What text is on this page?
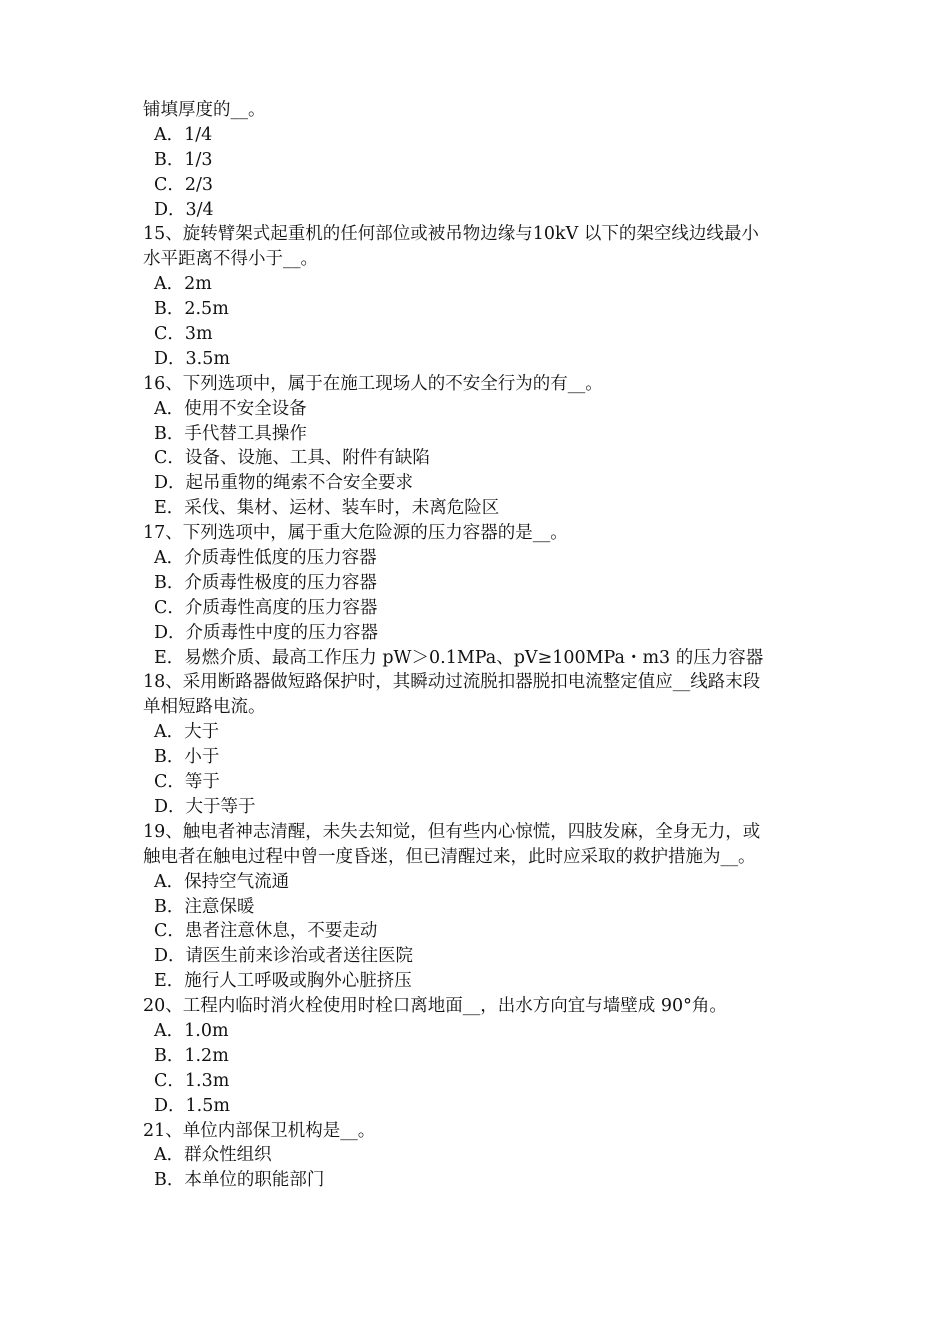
铺填厚度的__。
A．1/4
B．1/3
C．2/3
D．3/4
15、旋转臂架式起重机的任何部位或被吊物边缘与10kV 以下的架空线边线最小
水平距离不得小于__。
A．2m
B．2.5m
C．3m
D．3.5m
16、下列选项中，属于在施工现场人的不安全行为的有__。
A．使用不安全设备
B．手代替工具操作
C．设备、设施、工具、附件有缺陷
D．起吊重物的绳索不合安全要求
E．采伐、集材、运材、装车时，未离危险区
17、下列选项中，属于重大危险源的压力容器的是__。
A．介质毒性低度的压力容器
B．介质毒性极度的压力容器
C．介质毒性高度的压力容器
D．介质毒性中度的压力容器
E．易燃介质、最高工作压力 pW＞0.1MPa、pV≥100MPa・m3 的压力容器
18、采用断路器做短路保护时，其瞬动过流脱扣器脱扣电流整定值应__线路末段
单相短路电流。
A．大于
B．小于
C．等于
D．大于等于
19、触电者神志清醒，未失去知觉，但有些内心惊慌，四肢发麻，全身无力，或
触电者在触电过程中曾一度昏迷，但已清醒过来，此时应采取的救护措施为__。
A．保持空气流通
B．注意保暖
C．患者注意休息，不要走动
D．请医生前来诊治或者送往医院
E．施行人工呼吸或胸外心脏挤压
20、工程内临时消火栓使用时栓口离地面__，出水方向宜与墙壁成 90°角。
A．1.0m
B．1.2m
C．1.3m
D．1.5m
21、单位内部保卫机构是__。
A．群众性组织
B．本单位的职能部门
